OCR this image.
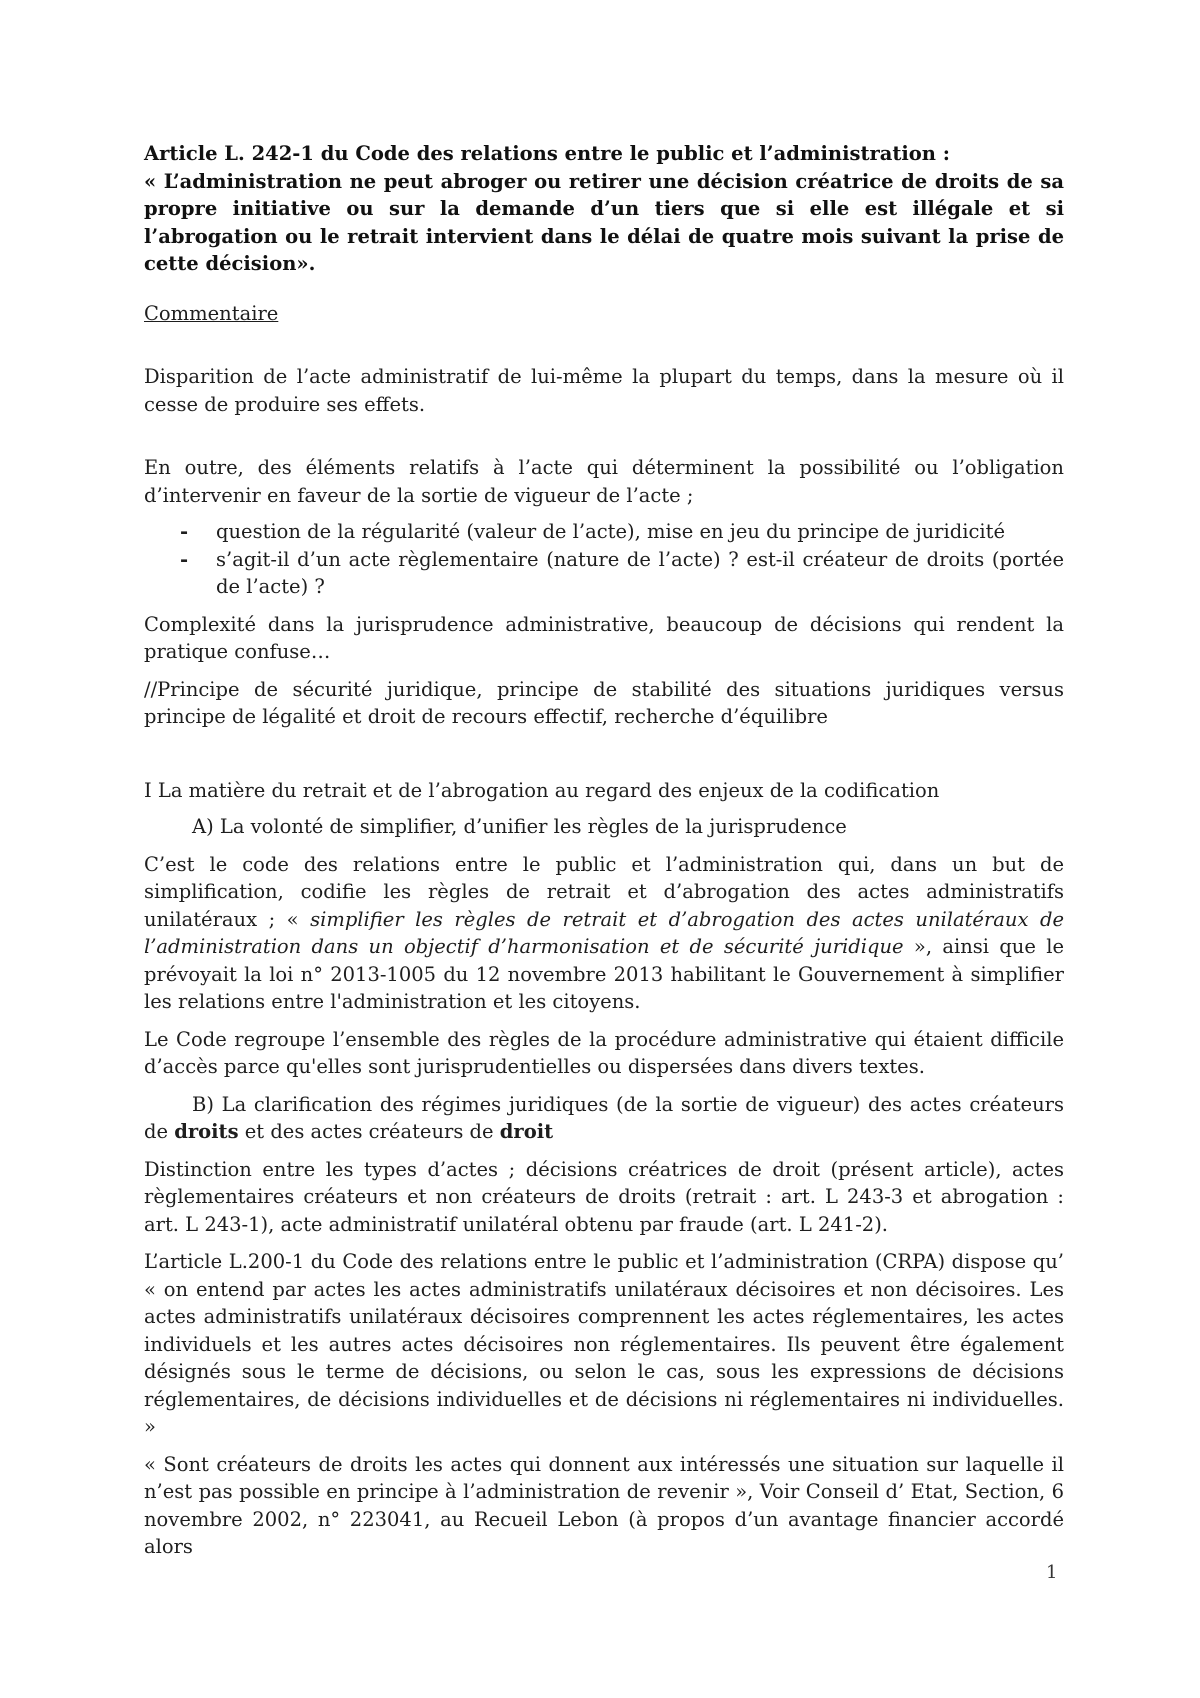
Article L. 242-1 du Code des relations entre le public et l’administration :

« L’administration ne peut abroger ou retirer une décision créatrice de droits de sa propre initiative ou sur la demande d’un tiers que si elle est illégale et si l’abrogation ou le retrait intervient dans le délai de quatre mois suivant la prise de cette décision».

Commentaire

Disparition de l’acte administratif de lui-même la plupart du temps, dans la mesure où il cesse de produire ses effets.

En outre, des éléments relatifs à l’acte qui déterminent la possibilité ou l’obligation d’intervenir en faveur de la sortie de vigueur de l’acte ;

- question de la régularité (valeur de l’acte), mise en jeu du principe de juridicité
- s’agit-il d’un acte règlementaire (nature de l’acte) ? est-il créateur de droits (portée de l’acte) ?

Complexité dans la jurisprudence administrative, beaucoup de décisions qui rendent la pratique confuse…

//Principe de sécurité juridique, principe de stabilité des situations juridiques versus principe de légalité et droit de recours effectif, recherche d’équilibre

I La matière du retrait et de l’abrogation au regard des enjeux de la codification

A) La volonté de simplifier, d’unifier les règles de la jurisprudence

C’est le code des relations entre le public et l’administration qui, dans un but de simplification, codifie les règles de retrait et d’abrogation des actes administratifs unilatéraux ; « simplifier les règles de retrait et d’abrogation des actes unilatéraux de l’administration dans un objectif d’harmonisation et de sécurité juridique », ainsi que le prévoyait la loi n° 2013-1005 du 12 novembre 2013 habilitant le Gouvernement à simplifier les relations entre l'administration et les citoyens.

Le Code regroupe l’ensemble des règles de la procédure administrative qui étaient difficile d’accès parce qu'elles sont jurisprudentielles ou dispersées dans divers textes.

B) La clarification des régimes juridiques (de la sortie de vigueur) des actes créateurs de droits et des actes créateurs de droit

Distinction entre les types d’actes ; décisions créatrices de droit (présent article), actes règlementaires créateurs et non créateurs de droits (retrait : art. L 243-3 et abrogation : art. L 243-1), acte administratif unilatéral obtenu par fraude (art. L 241-2).

L’article L.200-1 du Code des relations entre le public et l’administration (CRPA) dispose qu’ « on entend par actes les actes administratifs unilatéraux décisoires et non décisoires. Les actes administratifs unilatéraux décisoires comprennent les actes réglementaires, les actes individuels et les autres actes décisoires non réglementaires. Ils peuvent être également désignés sous le terme de décisions, ou selon le cas, sous les expressions de décisions réglementaires, de décisions individuelles et de décisions ni réglementaires ni individuelles. »

« Sont créateurs de droits les actes qui donnent aux intéressés une situation sur laquelle il n’est pas possible en principe à l’administration de revenir », Voir Conseil d’ Etat, Section, 6 novembre 2002, n° 223041, au Recueil Lebon (à propos d’un avantage financier accordé alors

1
